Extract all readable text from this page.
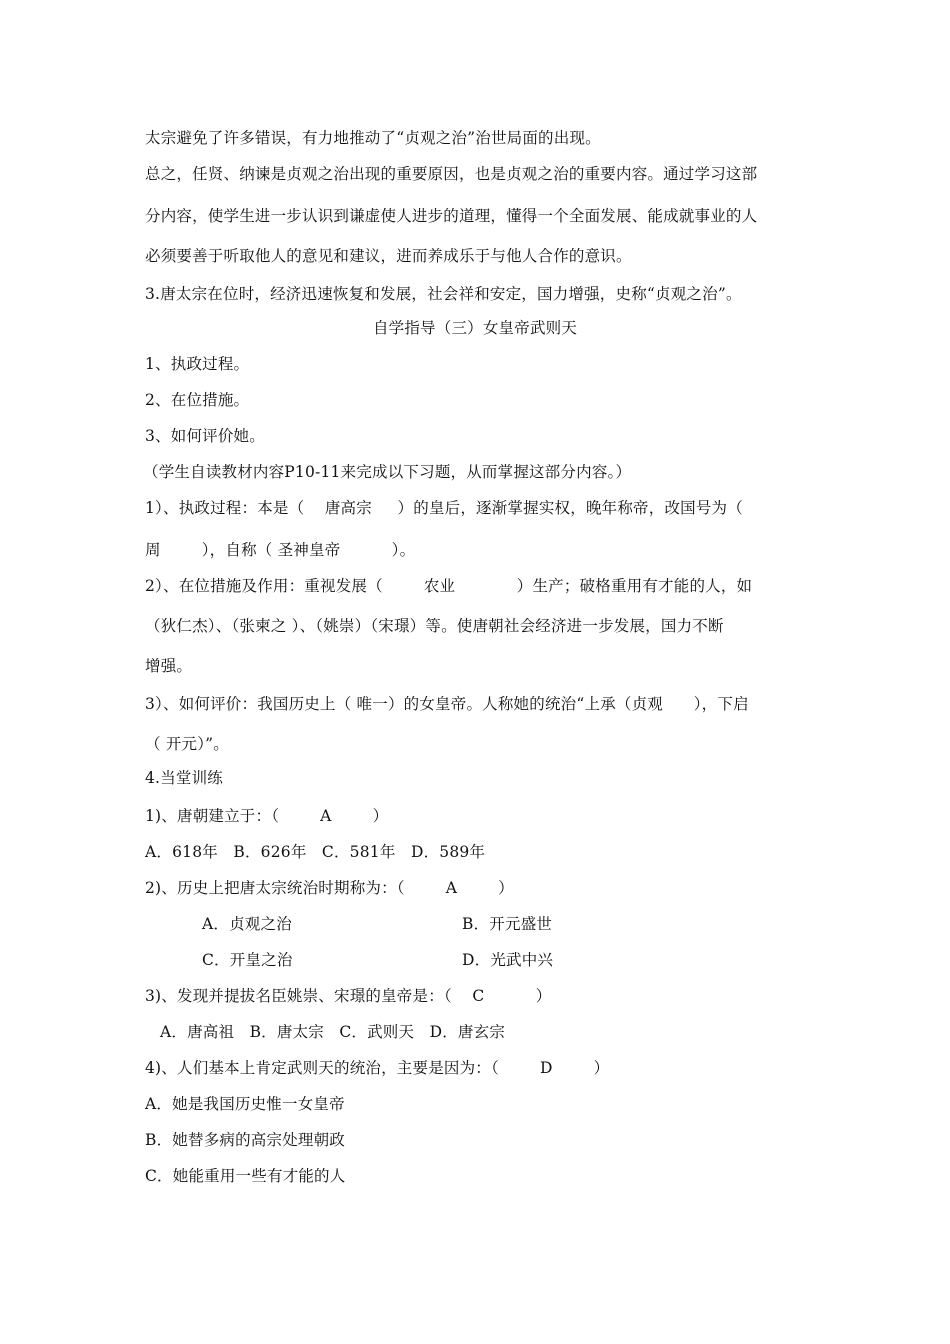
太宗避免了许多错误，有力地推动了“贞观之治”治世局面的出现。
总之，任贤、纳谏是贞观之治出现的重要原因，也是贞观之治的重要内容。通过学习这部
分内容，使学生进一步认识到谦虚使人进步的道理，懂得一个全面发展、能成就事业的人
必须要善于听取他人的意见和建议，进而养成乐于与他人合作的意识。
3.唐太宗在位时，经济迅速恢复和发展，社会祥和安定，国力增强，史称“贞观之治”。
自学指导（三）女皇帝武则天
1、执政过程。
2、在位措施。
3、如何评价她。
（学生自读教材内容P10-11来完成以下习题，从而掌握这部分内容。）
1）、执政过程：本是（    唐高宗     ）的皇后，逐渐掌握实权，晚年称帝，改国号为（
周        ），自称（ 圣神皇帝          ）。
2）、在位措施及作用：重视发展（        农业            ）生产；破格重用有才能的人，如
（狄仁杰）、（张柬之 ）、（姚崇）（宋璟）等。使唐朝社会经济进一步发展，国力不断
增强。
3）、如何评价：我国历史上（ 唯一）的女皇帝。人称她的统治“上承（贞观      ），下启
（ 开元）”。
4.当堂训练
1)、唐朝建立于：（        A        ）
A．618年   B．626年   C．581年   D．589年
2)、历史上把唐太宗统治时期称为：（        A        ）
A．贞观之治	B．开元盛世
C．开皇之治	D．光武中兴
3)、发现并提拔名臣姚崇、宋璟的皇帝是：（    C          ）
A．唐高祖   B．唐太宗   C．武则天   D．唐玄宗
4)、人们基本上肯定武则天的统治，主要是因为：（        D        ）
A．她是我国历史惟一女皇帝
B．她替多病的高宗处理朝政
C．她能重用一些有才能的人
